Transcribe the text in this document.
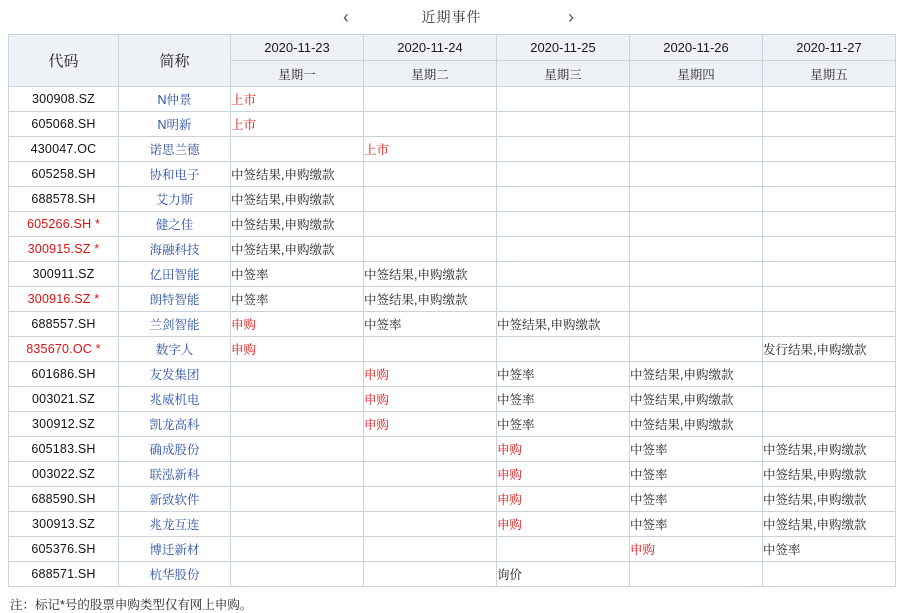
‹	近期事件	›
代码	简称	2020-11-23	2020-11-24	2020-11-25	2020-11-26	2020-11-27
		星期一	星期二	星期三	星期四	星期五
300908.SZ	N仲景	上市				
605068.SH	N明新	上市				
430047.OC	诺思兰德		上市			
605258.SH	协和电子	中签结果,申购缴款				
688578.SH	艾力斯	中签结果,申购缴款				
605266.SH *	健之佳	中签结果,申购缴款				
300915.SZ *	海融科技	中签结果,申购缴款				
300911.SZ	亿田智能	中签率	中签结果,申购缴款			
300916.SZ *	朗特智能	中签率	中签结果,申购缴款			
688557.SH	兰剑智能	申购	中签率	中签结果,申购缴款		
835670.OC *	数字人	申购				发行结果,申购缴款
601686.SH	友发集团		申购	中签率	中签结果,申购缴款	
003021.SZ	兆威机电		申购	中签率	中签结果,申购缴款	
300912.SZ	凯龙高科		申购	中签率	中签结果,申购缴款	
605183.SH	确成股份			申购	中签率	中签结果,申购缴款
003022.SZ	联泓新科			申购	中签率	中签结果,申购缴款
688590.SH	新致软件			申购	中签率	中签结果,申购缴款
300913.SZ	兆龙互连			申购	中签率	中签结果,申购缴款
605376.SH	博迁新材				申购	中签率
688571.SH	杭华股份			询价		
注：标记*号的股票申购类型仅有网上申购。
